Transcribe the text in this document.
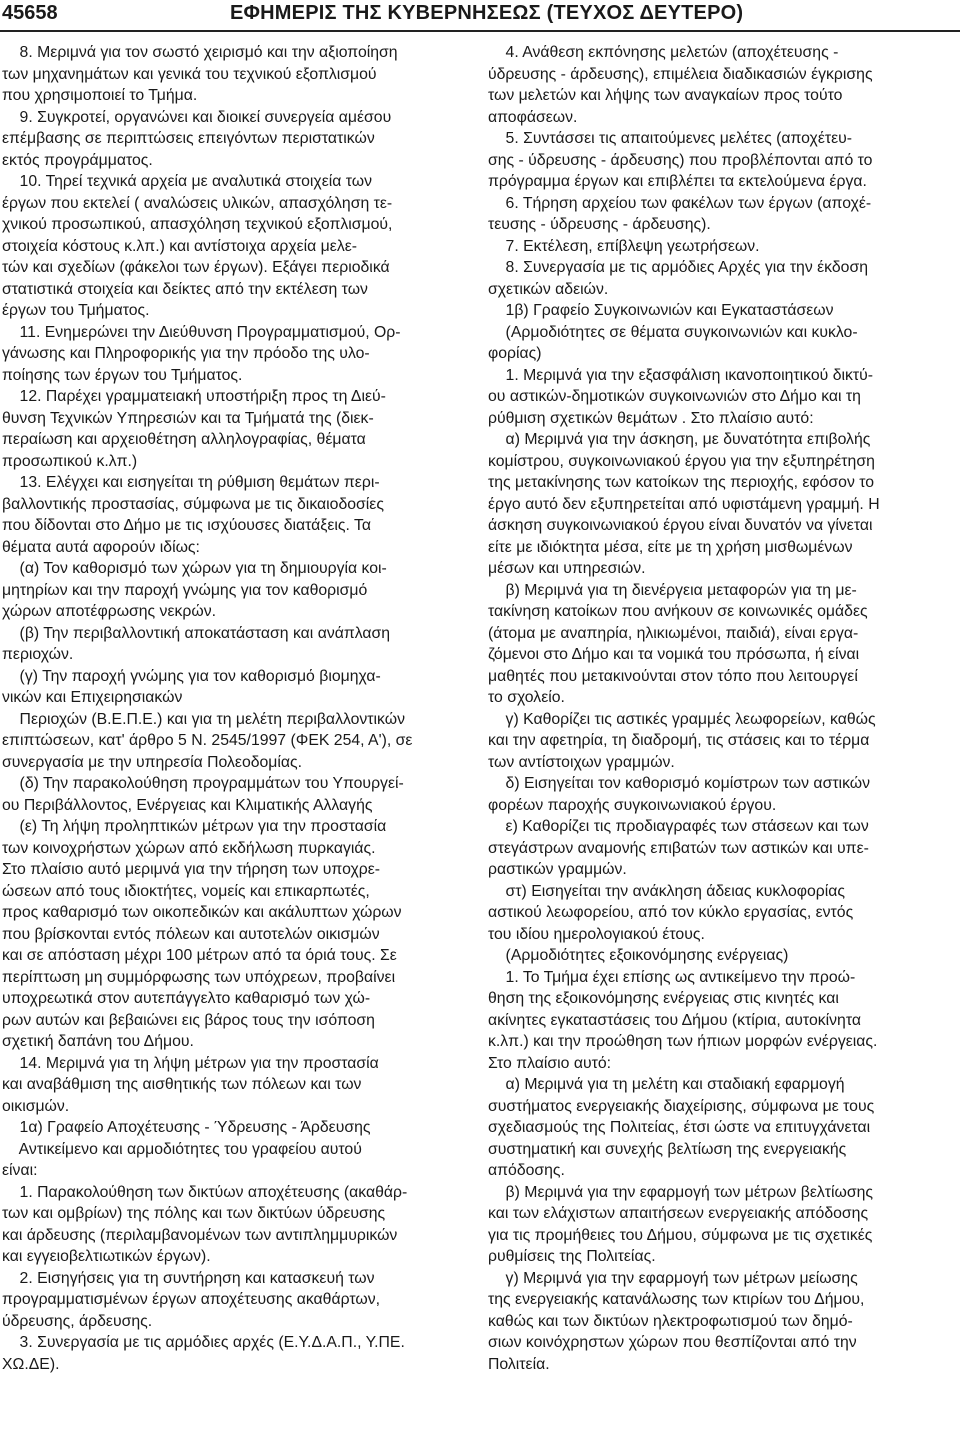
45658	ΕΦΗΜΕΡΙΣ ΤΗΣ ΚΥΒΕΡΝΗΣΕΩΣ (ΤΕΥΧΟΣ ΔΕΥΤΕΡΟ)
8. Μεριμνά για τον σωστό χειρισμό και την αξιοποίηση
των μηχανημάτων και γενικά του τεχνικού εξοπλισμού
που χρησιμοποιεί το Τμήμα.
9. Συγκροτεί, οργανώνει και διοικεί συνεργεία αμέσου
επέμβασης σε περιπτώσεις επειγόντων περιστατικών
εκτός προγράμματος.
10. Τηρεί τεχνικά αρχεία με αναλυτικά στοιχεία των
έργων που εκτελεί ( αναλώσεις υλικών, απασχόληση τε-
χνικού προσωπικού, απασχόληση τεχνικού εξοπλισμού,
στοιχεία κόστους κ.λπ.) και αντίστοιχα αρχεία μελε-
τών και σχεδίων (φάκελοι των έργων). Εξάγει περιοδικά
στατιστικά στοιχεία και δείκτες από την εκτέλεση των
έργων του Τμήματος.
11. Ενημερώνει την Διεύθυνση Προγραμματισμού, Ορ-
γάνωσης και Πληροφορικής για την πρόοδο της υλο-
ποίησης των έργων του Τμήματος.
12. Παρέχει γραμματειακή υποστήριξη προς τη Διεύ-
θυνση Τεχνικών Υπηρεσιών και τα Τμήματά της (διεκ-
περαίωση και αρχειοθέτηση αλληλογραφίας, θέματα
προσωπικού κ.λπ.)
13. Ελέγχει και εισηγείται τη ρύθμιση θεμάτων περι-
βαλλοντικής προστασίας, σύμφωνα με τις δικαιοδοσίες
που δίδονται στο Δήμο με τις ισχύουσες διατάξεις. Τα
θέματα αυτά αφορούν ιδίως:
(α) Τον καθορισμό των χώρων για τη δημιουργία κοι-
μητηρίων και την παροχή γνώμης για τον καθορισμό
χώρων αποτέφρωσης νεκρών.
(β) Την περιβαλλοντική αποκατάσταση και ανάπλαση
περιοχών.
(γ) Την παροχή γνώμης για τον καθορισμό βιομηχα-
νικών και Επιχειρησιακών
Περιοχών (Β.Ε.Π.Ε.) και για τη μελέτη περιβαλλοντικών
επιπτώσεων, κατ' άρθρο 5 Ν. 2545/1997 (ΦΕΚ 254, Α'), σε
συνεργασία με την υπηρεσία Πολεοδομίας.
(δ) Την παρακολούθηση προγραμμάτων του Υπουργεί-
ου Περιβάλλοντος, Ενέργειας και Κλιματικής Αλλαγής
(ε) Τη λήψη προληπτικών μέτρων για την προστασία
των κοινοχρήστων χώρων από εκδήλωση πυρκαγιάς.
Στο πλαίσιο αυτό μεριμνά για την τήρηση των υποχρε-
ώσεων από τους ιδιοκτήτες, νομείς και επικαρπωτές,
προς καθαρισμό των οικοπεδικών και ακάλυπτων χώρων
που βρίσκονται εντός πόλεων και αυτοτελών οικισμών
και σε απόσταση μέχρι 100 μέτρων από τα όριά τους. Σε
περίπτωση μη συμμόρφωσης των υπόχρεων, προβαίνει
υποχρεωτικά στον αυτεπάγγελτο καθαρισμό των χώ-
ρων αυτών και βεβαιώνει εις βάρος τους την ισόποση
σχετική δαπάνη του Δήμου.
14. Μεριμνά για τη λήψη μέτρων για την προστασία
και αναβάθμιση της αισθητικής των πόλεων και των
οικισμών.
1α) Γραφείο Αποχέτευσης - Ύδρευσης - Άρδευσης
Αντικείμενο και αρμοδιότητες του γραφείου αυτού
είναι:
1. Παρακολούθηση των δικτύων αποχέτευσης (ακαθάρ-
των και ομβρίων) της πόλης και των δικτύων ύδρευσης
και άρδευσης (περιλαμβανομένων των αντιπλημμυρικών
και εγγειοβελτιωτικών έργων).
2. Εισηγήσεις για τη συντήρηση και κατασκευή των
προγραμματισμένων έργων αποχέτευσης ακαθάρτων,
ύδρευσης, άρδευσης.
3. Συνεργασία με τις αρμόδιες αρχές (Ε.Υ.Δ.Α.Π., Υ.ΠΕ.
ΧΩ.ΔΕ).
4. Ανάθεση εκπόνησης μελετών (αποχέτευσης -
ύδρευσης - άρδευσης), επιμέλεια διαδικασιών έγκρισης
των μελετών και λήψης των αναγκαίων προς τούτο
αποφάσεων.
5. Συντάσσει τις απαιτούμενες μελέτες (αποχέτευ-
σης - ύδρευσης - άρδευσης) που προβλέπονται από το
πρόγραμμα έργων και επιβλέπει τα εκτελούμενα έργα.
6. Τήρηση αρχείου των φακέλων των έργων (αποχέ-
τευσης - ύδρευσης - άρδευσης).
7. Εκτέλεση, επίβλεψη γεωτρήσεων.
8. Συνεργασία με τις αρμόδιες Αρχές για την έκδοση
σχετικών αδειών.
1β) Γραφείο Συγκοινωνιών και Εγκαταστάσεων
(Αρμοδιότητες σε θέματα συγκοινωνιών και κυκλο-
φορίας)
1. Μεριμνά για την εξασφάλιση ικανοποιητικού δικτύ-
ου αστικών-δημοτικών συγκοινωνιών στο Δήμο και τη
ρύθμιση σχετικών θεμάτων . Στο πλαίσιο αυτό:
α) Μεριμνά για την άσκηση, με δυνατότητα επιβολής
κομίστρου, συγκοινωνιακού έργου για την εξυπηρέτηση
της μετακίνησης των κατοίκων της περιοχής, εφόσον το
έργο αυτό δεν εξυπηρετείται από υφιστάμενη γραμμή. Η
άσκηση συγκοινωνιακού έργου είναι δυνατόν να γίνεται
είτε με ιδιόκτητα μέσα, είτε με τη χρήση μισθωμένων
μέσων και υπηρεσιών.
β) Μεριμνά για τη διενέργεια μεταφορών για τη με-
τακίνηση κατοίκων που ανήκουν σε κοινωνικές ομάδες
(άτομα με αναπηρία, ηλικιωμένοι, παιδιά), είναι εργα-
ζόμενοι στο Δήμο και τα νομικά του πρόσωπα, ή είναι
μαθητές που μετακινούνται στον τόπο που λειτουργεί
το σχολείο.
γ) Καθορίζει τις αστικές γραμμές λεωφορείων, καθώς
και την αφετηρία, τη διαδρομή, τις στάσεις και το τέρμα
των αντίστοιχων γραμμών.
δ) Εισηγείται τον καθορισμό κομίστρων των αστικών
φορέων παροχής συγκοινωνιακού έργου.
ε) Καθορίζει τις προδιαγραφές των στάσεων και των
στεγάστρων αναμονής επιβατών των αστικών και υπε-
ραστικών γραμμών.
στ) Εισηγείται την ανάκληση άδειας κυκλοφορίας
αστικού λεωφορείου, από τον κύκλο εργασίας, εντός
του ιδίου ημερολογιακού έτους.
(Αρμοδιότητες εξοικονόμησης ενέργειας)
1. Το Τμήμα έχει επίσης ως αντικείμενο την προώ-
θηση της εξοικονόμησης ενέργειας στις κινητές και
ακίνητες εγκαταστάσεις του Δήμου (κτίρια, αυτοκίνητα
κ.λπ.) και την προώθηση των ήπιων μορφών ενέργειας.
Στο πλαίσιο αυτό:
α) Μεριμνά για τη μελέτη και σταδιακή εφαρμογή
συστήματος ενεργειακής διαχείρισης, σύμφωνα με τους
σχεδιασμούς της Πολιτείας, έτσι ώστε να επιτυγχάνεται
συστηματική και συνεχής βελτίωση της ενεργειακής
απόδοσης.
β) Μεριμνά για την εφαρμογή των μέτρων βελτίωσης
και των ελάχιστων απαιτήσεων ενεργειακής απόδοσης
για τις προμήθειες του Δήμου, σύμφωνα με τις σχετικές
ρυθμίσεις της Πολιτείας.
γ) Μεριμνά για την εφαρμογή των μέτρων μείωσης
της ενεργειακής κατανάλωσης των κτιρίων του Δήμου,
καθώς και των δικτύων ηλεκτροφωτισμού των δημό-
σιων κοινόχρηστων χώρων που θεσπίζονται από την
Πολιτεία.
